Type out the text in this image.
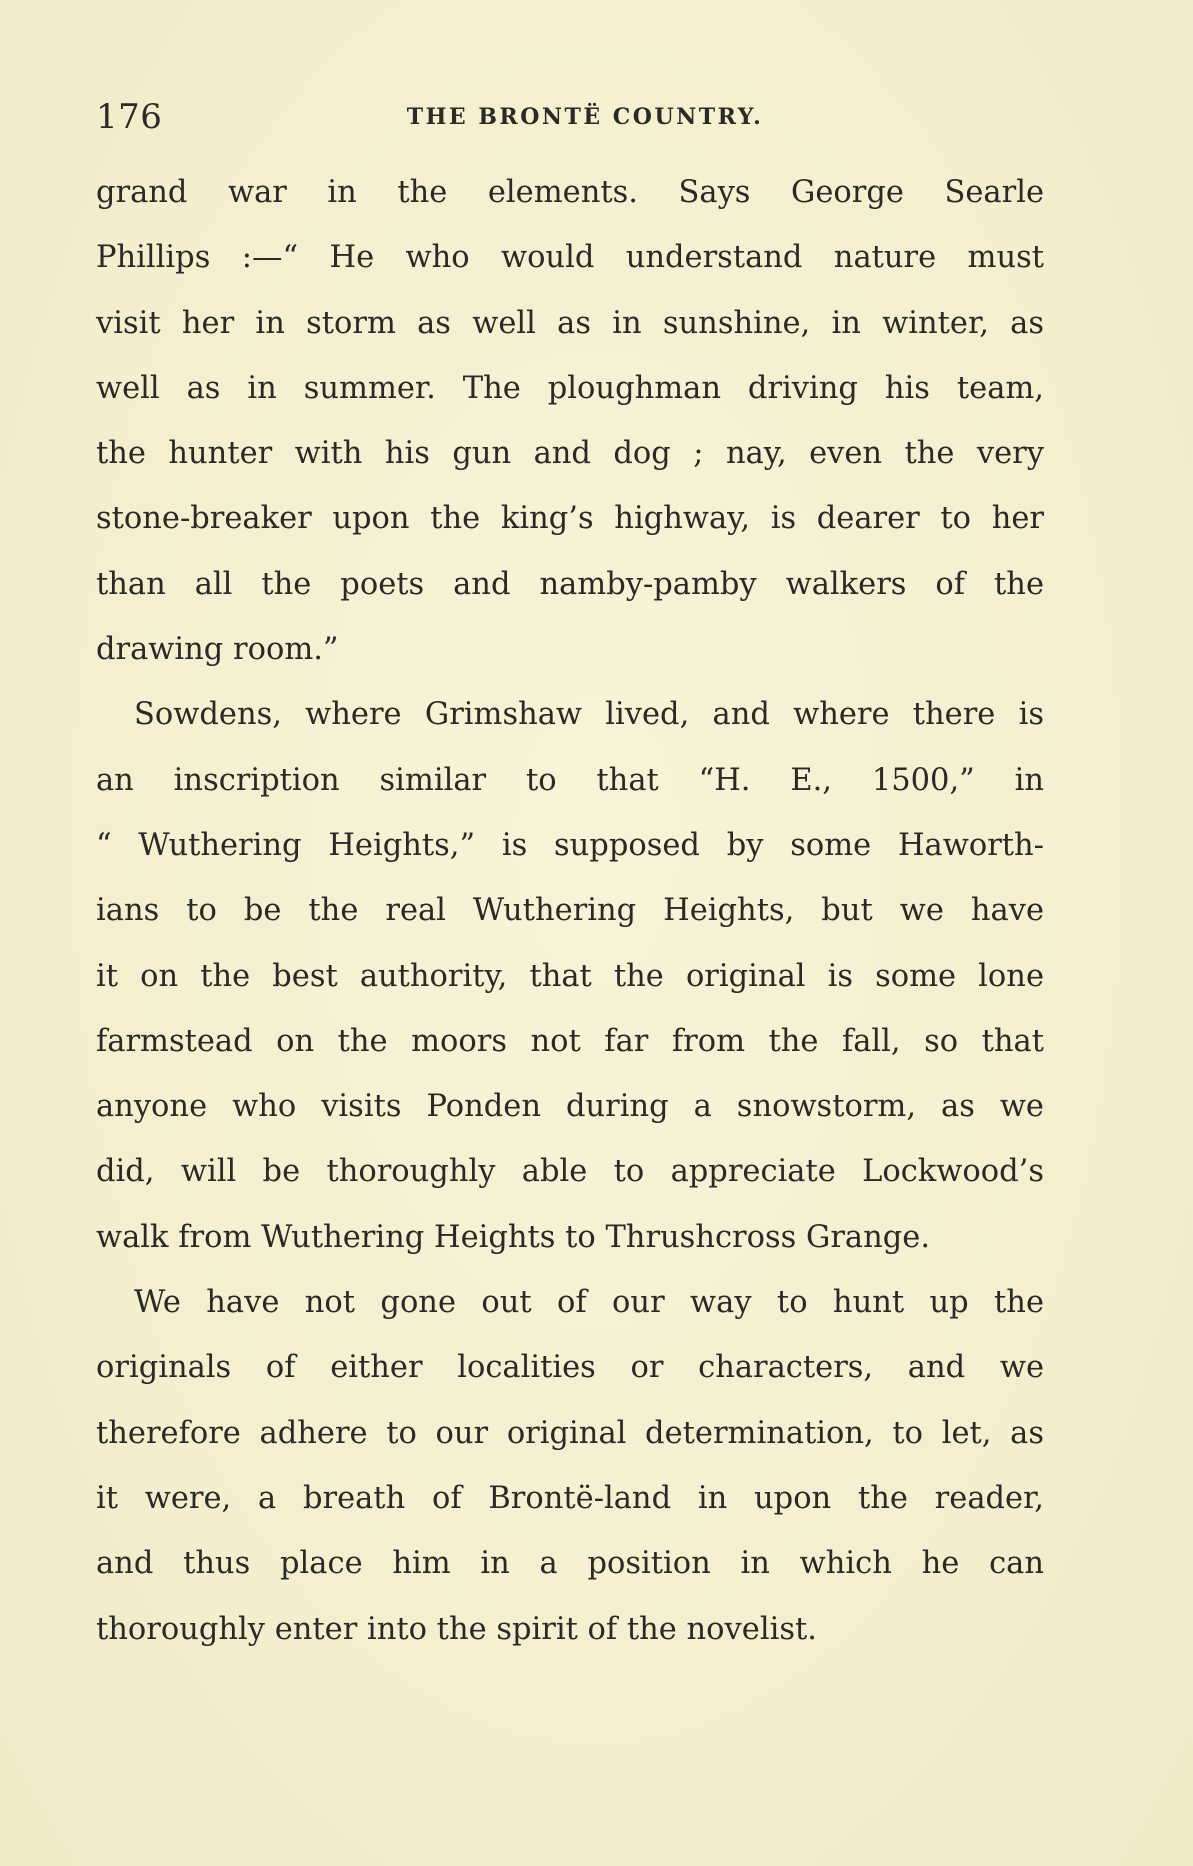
176	THE BRONTË COUNTRY.
grand war in the elements. Says George Searle
Phillips :—“ He who would understand nature must
visit her in storm as well as in sunshine, in winter, as
well as in summer. The ploughman driving his team,
the hunter with his gun and dog ; nay, even the very
stone-breaker upon the king’s highway, is dearer to her
than all the poets and namby-pamby walkers of the
drawing room.”
Sowdens, where Grimshaw lived, and where there is
an inscription similar to that “H. E., 1500,” in
“ Wuthering Heights,” is supposed by some Haworth-
ians to be the real Wuthering Heights, but we have
it on the best authority, that the original is some lone
farmstead on the moors not far from the fall, so that
anyone who visits Ponden during a snowstorm, as we
did, will be thoroughly able to appreciate Lockwood’s
walk from Wuthering Heights to Thrushcross Grange.
We have not gone out of our way to hunt up the
originals of either localities or characters, and we
therefore adhere to our original determination, to let, as
it were, a breath of Brontë-land in upon the reader,
and thus place him in a position in which he can
thoroughly enter into the spirit of the novelist.
